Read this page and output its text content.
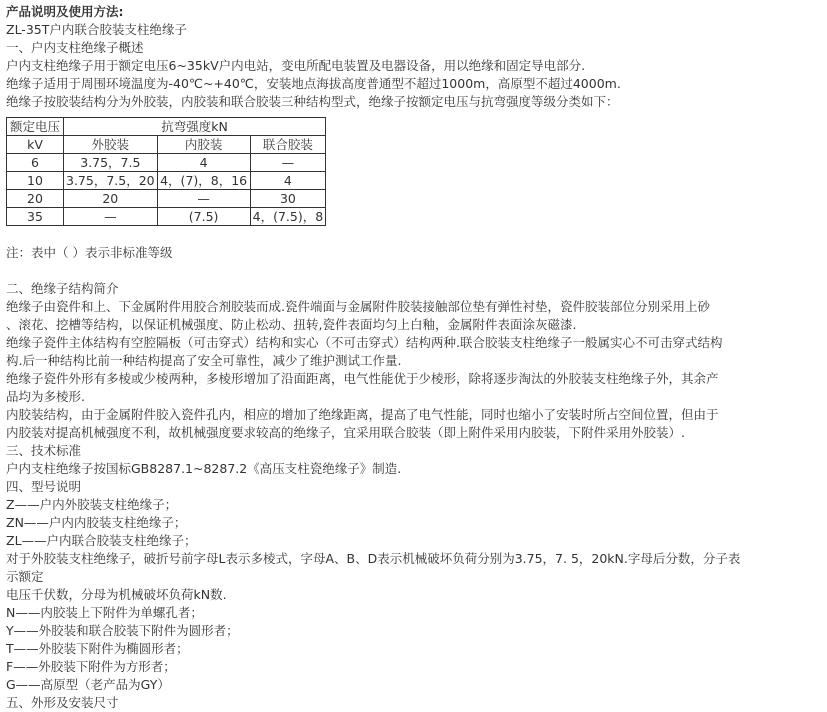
产品说明及使用方法:
ZL-35T户内联合胶装支柱绝缘子
一、户内支柱绝缘子概述
户内支柱绝缘子用于额定电压6~35kV户内电站，变电所配电装置及电器设备，用以绝缘和固定导电部分.
绝缘子适用于周围环境温度为-40℃~+40℃，安装地点海拔高度普通型不超过1000m，高原型不超过4000m.
绝缘子按胶装结构分为外胶装，内胶装和联合胶装三种结构型式，绝缘子按额定电压与抗弯强度等级分类如下：
额定电压	抗弯强度kN		
kV	外胶装	内胶装	联合胶装
6	3.75，7.5	4	—
10	3.75，7.5，20	4，(7)，8，16	4
20	20	—	30
35	—	(7.5)	4，(7.5)，8
注：表中（ ）表示非标准等级
二、绝缘子结构简介
绝缘子由瓷件和上、下金属附件用胶合剂胶装而成.瓷件端面与金属附件胶装接触部位垫有弹性衬垫，瓷件胶装部位分别采用上砂
、滚花、挖槽等结构，以保证机械强度、防止松动、扭转,瓷件表面均匀上白釉，金属附件表面涂灰磁漆.
绝缘子瓷件主体结构有空腔隔板（可击穿式）结构和实心（不可击穿式）结构两种.联合胶装支柱绝缘子一般属实心不可击穿式结构
构.后一种结构比前一种结构提高了安全可靠性，减少了维护测试工作量.
绝缘子瓷件外形有多棱或少棱两种，多棱形增加了沿面距离，电气性能优于少棱形，除将逐步淘汰的外胶装支柱绝缘子外，其余产
品均为多棱形.
内胶装结构，由于金属附件胶入瓷件孔内，相应的增加了绝缘距离，提高了电气性能，同时也缩小了安装时所占空间位置，但由于
内胶装对提高机械强度不利，故机械强度要求较高的绝缘子，宜采用联合胶装（即上附件采用内胶装，下附件采用外胶装）.
三、技术标准
户内支柱绝缘子按国标GB8287.1~8287.2《高压支柱瓷绝缘子》制造.
四、型号说明
Z——户内外胶装支柱绝缘子；
ZN——户内内胶装支柱绝缘子；
ZL——户内联合胶装支柱绝缘子；
对于外胶装支柱绝缘子，破折号前字母L表示多棱式，字母A、B、D表示机械破坏负荷分别为3.75，7. 5，20kN.字母后分数，分子表
示额定
电压千伏数，分母为机械破坏负荷kN数.
N——内胶装上下附件为单螺孔者；
Y——外胶装和联合胶装下附件为圆形者；
T——外胶装下附件为椭圆形者；
F——外胶装下附件为方形者；
G——高原型（老产品为GY）
五、外形及安装尺寸
